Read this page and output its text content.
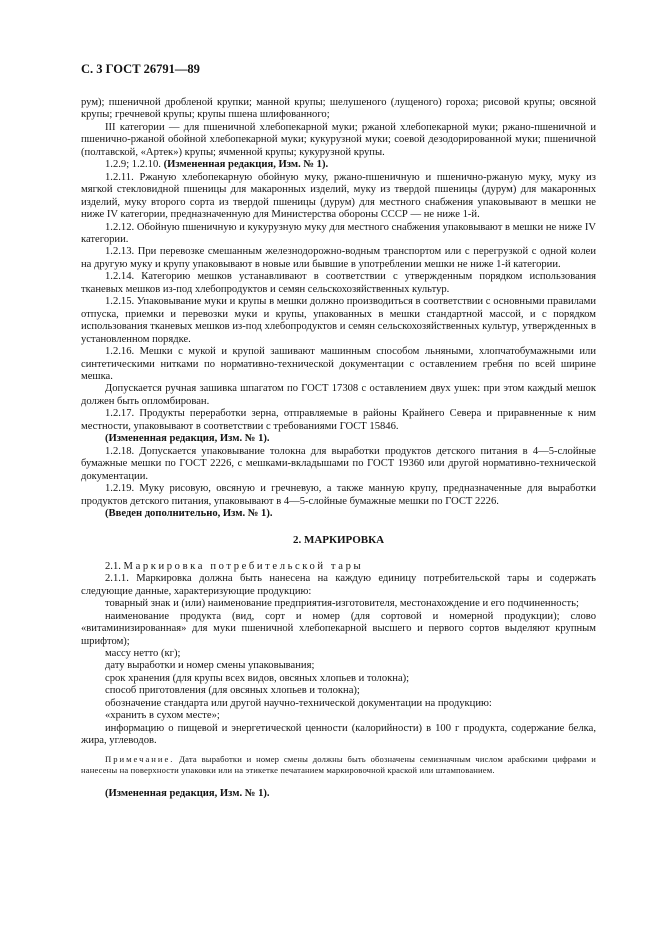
С. 3 ГОСТ 26791—89

рум); пшеничной дробленой крупки; манной крупы; шелушеного (лущеного) гороха; рисовой крупы; овсяной крупы; гречневой крупы; крупы пшена шлифованного;

III категории — для пшеничной хлебопекарной муки; ржаной хлебопекарной муки; ржано-пшеничной и пшенично-ржаной обойной хлебопекарной муки; кукурузной муки; соевой дезодорированной муки; пшеничной (полтавской, «Артек») крупы; ячменной крупы; кукурузной крупы.

1.2.9; 1.2.10. (Измененная редакция, Изм. № 1).

1.2.11. Ржаную хлебопекарную обойную муку, ржано-пшеничную и пшенично-ржаную муку, муку из мягкой стекловидной пшеницы для макаронных изделий, муку из твердой пшеницы (дурум) для макаронных изделий, муку второго сорта из твердой пшеницы (дурум) для местного снабжения упаковывают в мешки не ниже IV категории, предназначенную для Министерства обороны СССР — не ниже 1-й.

1.2.12. Обойную пшеничную и кукурузную муку для местного снабжения упаковывают в мешки не ниже IV категории.

1.2.13. При перевозке смешанным железнодорожно-водным транспортом или с перегрузкой с одной колеи на другую муку и крупу упаковывают в новые или бывшие в употреблении мешки не ниже 1-й категории.

1.2.14. Категорию мешков устанавливают в соответствии с утвержденным порядком использования тканевых мешков из-под хлебопродуктов и семян сельскохозяйственных культур.

1.2.15. Упаковывание муки и крупы в мешки должно производиться в соответствии с основными правилами отпуска, приемки и перевозки муки и крупы, упакованных в мешки стандартной массой, и с порядком использования тканевых мешков из-под хлебопродуктов и семян сельскохозяйственных культур, утвержденных в установленном порядке.

1.2.16. Мешки с мукой и крупой зашивают машинным способом льняными, хлопчатобумажными или синтетическими нитками по нормативно-технической документации с оставлением гребня по всей ширине мешка.

Допускается ручная зашивка шпагатом по ГОСТ 17308 с оставлением двух ушек: при этом каждый мешок должен быть опломбирован.

1.2.17. Продукты переработки зерна, отправляемые в районы Крайнего Севера и приравненные к ним местности, упаковывают в соответствии с требованиями ГОСТ 15846.

(Измененная редакция, Изм. № 1).

1.2.18. Допускается упаковывание толокна для выработки продуктов детского питания в 4—5-слойные бумажные мешки по ГОСТ 2226, с мешками-вкладышами по ГОСТ 19360 или другой нормативно-технической документации.

1.2.19. Муку рисовую, овсяную и гречневую, а также манную крупу, предназначенные для выработки продуктов детского питания, упаковывают в 4—5-слойные бумажные мешки по ГОСТ 2226.

(Введен дополнительно, Изм. № 1).

2. МАРКИРОВКА

2.1. Маркировка потребительской тары

2.1.1. Маркировка должна быть нанесена на каждую единицу потребительской тары и содержать следующие данные, характеризующие продукцию:

товарный знак и (или) наименование предприятия-изготовителя, местонахождение и его подчиненность;

наименование продукта (вид, сорт и номер (для сортовой и номерной продукции); слово «витаминизированная» для муки пшеничной хлебопекарной высшего и первого сортов выделяют крупным шрифтом);

массу нетто (кг);

дату выработки и номер смены упаковывания;

срок хранения (для крупы всех видов, овсяных хлопьев и толокна);

способ приготовления (для овсяных хлопьев и толокна);

обозначение стандарта или другой научно-технической документации на продукцию:

«хранить в сухом месте»;

информацию о пищевой и энергетической ценности (калорийности) в 100 г продукта, содержание белка, жира, углеводов.

Примечание. Дата выработки и номер смены должны быть обозначены семизначным числом арабскими цифрами и нанесены на поверхности упаковки или на этикетке печатанием маркировочной краской или штампованием.

(Измененная редакция, Изм. № 1).
